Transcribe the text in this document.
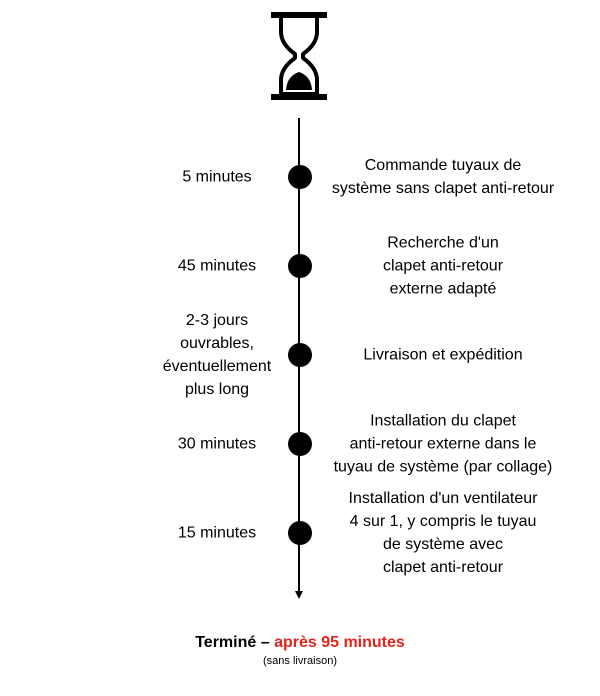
5 minutes
Commande tuyaux de
système sans clapet anti-retour
45 minutes
Recherche d'un
clapet anti-retour
externe adapté
2-3 jours
ouvrables,
éventuellement
plus long
Livraison et expédition
30 minutes
Installation du clapet
anti-retour externe dans le
tuyau de système (par collage)
15 minutes
Installation d'un ventilateur
4 sur 1, y compris le tuyau
de système avec
clapet anti-retour
Terminé – après 95 minutes
(sans livraison)
